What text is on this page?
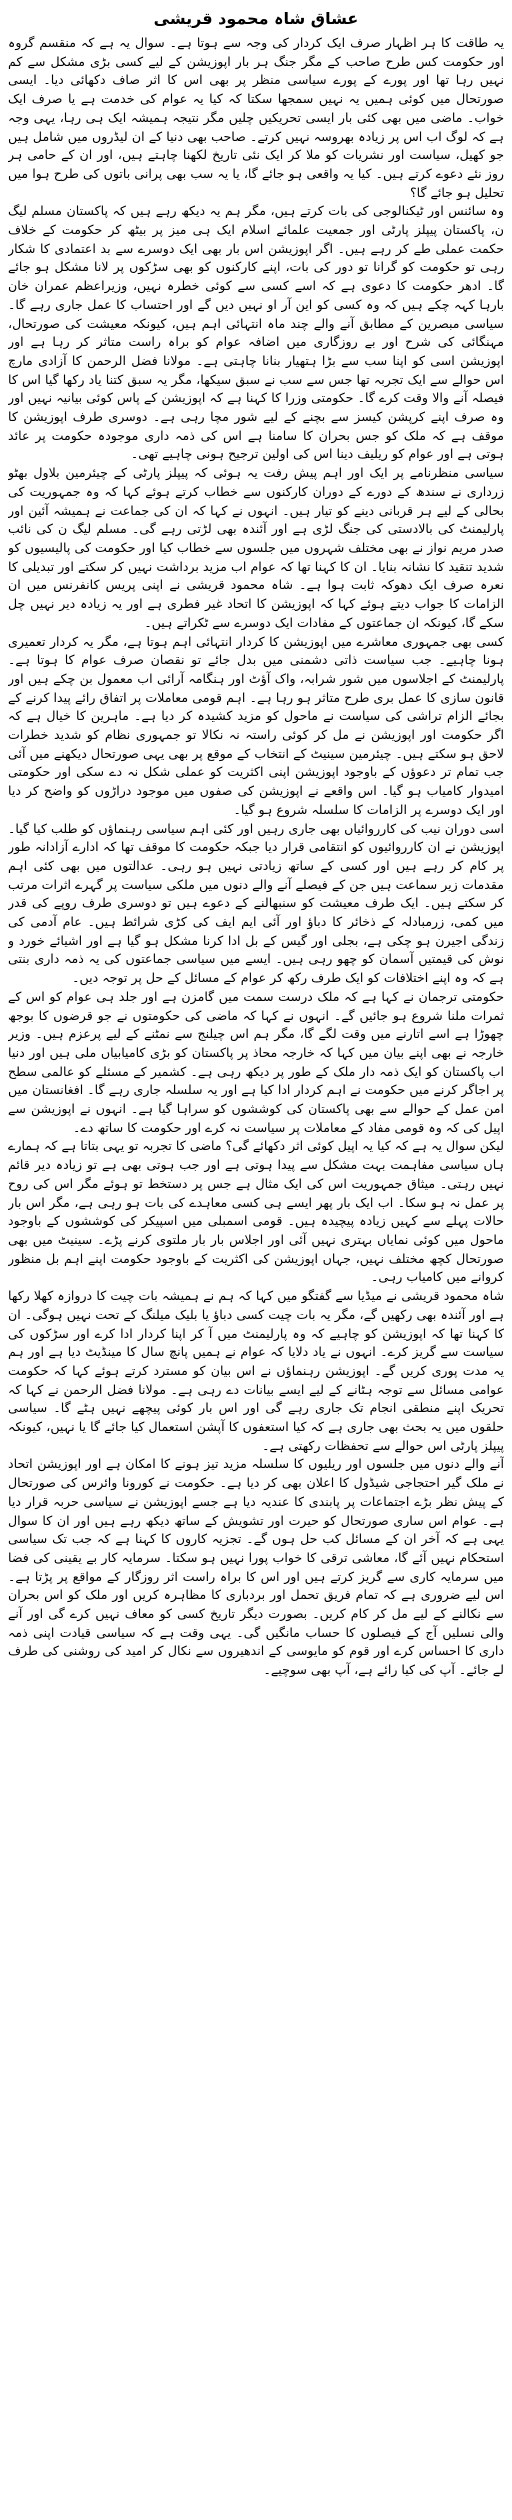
عشاق شاہ محمود قریشی

یہ طاقت کا ہر اظہار صرف ایک کردار کی وجہ سے ہوتا ہے۔ سوال یہ ہے کہ منقسم گروہ اور حکومت کس طرح صاحب کے مگر جنگ ہر بار اپوزیشن کے لیے کسی بڑی مشکل سے کم نہیں رہا تھا اور پورے کے پورے سیاسی منظر پر بھی اس کا اثر صاف دکھائی دیا۔ ایسی صورتحال میں کوئی ہمیں یہ نہیں سمجھا سکتا کہ کیا یہ عوام کی خدمت ہے یا صرف ایک خواب۔ ماضی میں بھی کئی بار ایسی تحریکیں چلیں مگر نتیجہ ہمیشہ ایک ہی رہا، یہی وجہ ہے کہ لوگ اب اس پر زیادہ بھروسہ نہیں کرتے۔ صاحب بھی دنیا کے ان لیڈروں میں شامل ہیں جو کھیل، سیاست اور نشریات کو ملا کر ایک نئی تاریخ لکھنا چاہتے ہیں، اور ان کے حامی ہر روز نئے دعوے کرتے ہیں۔ کیا یہ واقعی ہو جائے گا، یا یہ سب بھی پرانی باتوں کی طرح ہوا میں تحلیل ہو جائے گا؟

وہ سائنس اور ٹیکنالوجی کی بات کرتے ہیں، مگر ہم یہ دیکھ رہے ہیں کہ پاکستان مسلم لیگ ن، پاکستان پیپلز پارٹی اور جمعیت علمائے اسلام ایک ہی میز پر بیٹھ کر حکومت کے خلاف حکمت عملی طے کر رہے ہیں۔ اگر اپوزیشن اس بار بھی ایک دوسرے سے بد اعتمادی کا شکار رہی تو حکومت کو گرانا تو دور کی بات، اپنے کارکنوں کو بھی سڑکوں پر لانا مشکل ہو جائے گا۔ ادھر حکومت کا دعوی ہے کہ اسے کسی سے کوئی خطرہ نہیں، وزیراعظم عمران خان بارہا کہہ چکے ہیں کہ وہ کسی کو این آر او نہیں دیں گے اور احتساب کا عمل جاری رہے گا۔ سیاسی مبصرین کے مطابق آنے والے چند ماہ انتہائی اہم ہیں، کیونکہ معیشت کی صورتحال، مہنگائی کی شرح اور بے روزگاری میں اضافہ عوام کو براہ راست متاثر کر رہا ہے اور اپوزیشن اسی کو اپنا سب سے بڑا ہتھیار بنانا چاہتی ہے۔ مولانا فضل الرحمن کا آزادی مارچ اس حوالے سے ایک تجربہ تھا جس سے سب نے سبق سیکھا، مگر یہ سبق کتنا یاد رکھا گیا اس کا فیصلہ آنے والا وقت کرے گا۔ حکومتی وزرا کا کہنا ہے کہ اپوزیشن کے پاس کوئی بیانیہ نہیں اور وہ صرف اپنے کرپشن کیسز سے بچنے کے لیے شور مچا رہی ہے۔ دوسری طرف اپوزیشن کا موقف ہے کہ ملک کو جس بحران کا سامنا ہے اس کی ذمہ داری موجودہ حکومت پر عائد ہوتی ہے اور عوام کو ریلیف دینا اس کی اولین ترجیح ہونی چاہیے تھی۔

سیاسی منظرنامے پر ایک اور اہم پیش رفت یہ ہوئی کہ پیپلز پارٹی کے چیئرمین بلاول بھٹو زرداری نے سندھ کے دورے کے دوران کارکنوں سے خطاب کرتے ہوئے کہا کہ وہ جمہوریت کی بحالی کے لیے ہر قربانی دینے کو تیار ہیں۔ انہوں نے کہا کہ ان کی جماعت نے ہمیشہ آئین اور پارلیمنٹ کی بالادستی کی جنگ لڑی ہے اور آئندہ بھی لڑتی رہے گی۔ مسلم لیگ ن کی نائب صدر مریم نواز نے بھی مختلف شہروں میں جلسوں سے خطاب کیا اور حکومت کی پالیسیوں کو شدید تنقید کا نشانہ بنایا۔ ان کا کہنا تھا کہ عوام اب مزید برداشت نہیں کر سکتے اور تبدیلی کا نعرہ صرف ایک دھوکہ ثابت ہوا ہے۔ شاہ محمود قریشی نے اپنی پریس کانفرنس میں ان الزامات کا جواب دیتے ہوئے کہا کہ اپوزیشن کا اتحاد غیر فطری ہے اور یہ زیادہ دیر نہیں چل سکے گا، کیونکہ ان جماعتوں کے مفادات ایک دوسرے سے ٹکراتے ہیں۔

کسی بھی جمہوری معاشرے میں اپوزیشن کا کردار انتہائی اہم ہوتا ہے، مگر یہ کردار تعمیری ہونا چاہیے۔ جب سیاست ذاتی دشمنی میں بدل جائے تو نقصان صرف عوام کا ہوتا ہے۔ پارلیمنٹ کے اجلاسوں میں شور شرابہ، واک آؤٹ اور ہنگامہ آرائی اب معمول بن چکے ہیں اور قانون سازی کا عمل بری طرح متاثر ہو رہا ہے۔ اہم قومی معاملات پر اتفاق رائے پیدا کرنے کے بجائے الزام تراشی کی سیاست نے ماحول کو مزید کشیدہ کر دیا ہے۔ ماہرین کا خیال ہے کہ اگر حکومت اور اپوزیشن نے مل کر کوئی راستہ نہ نکالا تو جمہوری نظام کو شدید خطرات لاحق ہو سکتے ہیں۔ چیئرمین سینیٹ کے انتخاب کے موقع پر بھی یہی صورتحال دیکھنے میں آئی جب تمام تر دعوؤں کے باوجود اپوزیشن اپنی اکثریت کو عملی شکل نہ دے سکی اور حکومتی امیدوار کامیاب ہو گیا۔ اس واقعے نے اپوزیشن کی صفوں میں موجود دراڑوں کو واضح کر دیا اور ایک دوسرے پر الزامات کا سلسلہ شروع ہو گیا۔

اسی دوران نیب کی کارروائیاں بھی جاری رہیں اور کئی اہم سیاسی رہنماؤں کو طلب کیا گیا۔ اپوزیشن نے ان کارروائیوں کو انتقامی قرار دیا جبکہ حکومت کا موقف تھا کہ ادارے آزادانہ طور پر کام کر رہے ہیں اور کسی کے ساتھ زیادتی نہیں ہو رہی۔ عدالتوں میں بھی کئی اہم مقدمات زیر سماعت ہیں جن کے فیصلے آنے والے دنوں میں ملکی سیاست پر گہرے اثرات مرتب کر سکتے ہیں۔ ایک طرف معیشت کو سنبھالنے کے دعوے ہیں تو دوسری طرف روپے کی قدر میں کمی، زرمبادلہ کے ذخائر کا دباؤ اور آئی ایم ایف کی کڑی شرائط ہیں۔ عام آدمی کی زندگی اجیرن ہو چکی ہے، بجلی اور گیس کے بل ادا کرنا مشکل ہو گیا ہے اور اشیائے خورد و نوش کی قیمتیں آسمان کو چھو رہی ہیں۔ ایسے میں سیاسی جماعتوں کی یہ ذمہ داری بنتی ہے کہ وہ اپنے اختلافات کو ایک طرف رکھ کر عوام کے مسائل کے حل پر توجہ دیں۔

حکومتی ترجمان نے کہا ہے کہ ملک درست سمت میں گامزن ہے اور جلد ہی عوام کو اس کے ثمرات ملنا شروع ہو جائیں گے۔ انہوں نے کہا کہ ماضی کی حکومتوں نے جو قرضوں کا بوجھ چھوڑا ہے اسے اتارنے میں وقت لگے گا، مگر ہم اس چیلنج سے نمٹنے کے لیے پرعزم ہیں۔ وزیر خارجہ نے بھی اپنے بیان میں کہا کہ خارجہ محاذ پر پاکستان کو بڑی کامیابیاں ملی ہیں اور دنیا اب پاکستان کو ایک ذمہ دار ملک کے طور پر دیکھ رہی ہے۔ کشمیر کے مسئلے کو عالمی سطح پر اجاگر کرنے میں حکومت نے اہم کردار ادا کیا ہے اور یہ سلسلہ جاری رہے گا۔ افغانستان میں امن عمل کے حوالے سے بھی پاکستان کی کوششوں کو سراہا گیا ہے۔ انہوں نے اپوزیشن سے اپیل کی کہ وہ قومی مفاد کے معاملات پر سیاست نہ کرے اور حکومت کا ساتھ دے۔

لیکن سوال یہ ہے کہ کیا یہ اپیل کوئی اثر دکھائے گی؟ ماضی کا تجربہ تو یہی بتاتا ہے کہ ہمارے ہاں سیاسی مفاہمت بہت مشکل سے پیدا ہوتی ہے اور جب ہوتی بھی ہے تو زیادہ دیر قائم نہیں رہتی۔ میثاق جمہوریت اس کی ایک مثال ہے جس پر دستخط تو ہوئے مگر اس کی روح پر عمل نہ ہو سکا۔ اب ایک بار پھر ایسے ہی کسی معاہدے کی بات ہو رہی ہے، مگر اس بار حالات پہلے سے کہیں زیادہ پیچیدہ ہیں۔ قومی اسمبلی میں اسپیکر کی کوششوں کے باوجود ماحول میں کوئی نمایاں بہتری نہیں آئی اور اجلاس بار بار ملتوی کرنے پڑے۔ سینیٹ میں بھی صورتحال کچھ مختلف نہیں، جہاں اپوزیشن کی اکثریت کے باوجود حکومت اپنے اہم بل منظور کروانے میں کامیاب رہی۔

شاہ محمود قریشی نے میڈیا سے گفتگو میں کہا کہ ہم نے ہمیشہ بات چیت کا دروازہ کھلا رکھا ہے اور آئندہ بھی رکھیں گے، مگر یہ بات چیت کسی دباؤ یا بلیک میلنگ کے تحت نہیں ہوگی۔ ان کا کہنا تھا کہ اپوزیشن کو چاہیے کہ وہ پارلیمنٹ میں آ کر اپنا کردار ادا کرے اور سڑکوں کی سیاست سے گریز کرے۔ انہوں نے یاد دلایا کہ عوام نے ہمیں پانچ سال کا مینڈیٹ دیا ہے اور ہم یہ مدت پوری کریں گے۔ اپوزیشن رہنماؤں نے اس بیان کو مسترد کرتے ہوئے کہا کہ حکومت عوامی مسائل سے توجہ ہٹانے کے لیے ایسے بیانات دے رہی ہے۔ مولانا فضل الرحمن نے کہا کہ تحریک اپنے منطقی انجام تک جاری رہے گی اور اس بار کوئی پیچھے نہیں ہٹے گا۔ سیاسی حلقوں میں یہ بحث بھی جاری ہے کہ کیا استعفوں کا آپشن استعمال کیا جائے گا یا نہیں، کیونکہ پیپلز پارٹی اس حوالے سے تحفظات رکھتی ہے۔

آنے والے دنوں میں جلسوں اور ریلیوں کا سلسلہ مزید تیز ہونے کا امکان ہے اور اپوزیشن اتحاد نے ملک گیر احتجاجی شیڈول کا اعلان بھی کر دیا ہے۔ حکومت نے کورونا وائرس کی صورتحال کے پیش نظر بڑے اجتماعات پر پابندی کا عندیہ دیا ہے جسے اپوزیشن نے سیاسی حربہ قرار دیا ہے۔ عوام اس ساری صورتحال کو حیرت اور تشویش کے ساتھ دیکھ رہے ہیں اور ان کا سوال یہی ہے کہ آخر ان کے مسائل کب حل ہوں گے۔ تجزیہ کاروں کا کہنا ہے کہ جب تک سیاسی استحکام نہیں آئے گا، معاشی ترقی کا خواب پورا نہیں ہو سکتا۔ سرمایہ کار بے یقینی کی فضا میں سرمایہ کاری سے گریز کرتے ہیں اور اس کا براہ راست اثر روزگار کے مواقع پر پڑتا ہے۔ اس لیے ضروری ہے کہ تمام فریق تحمل اور بردباری کا مظاہرہ کریں اور ملک کو اس بحران سے نکالنے کے لیے مل کر کام کریں۔ بصورت دیگر تاریخ کسی کو معاف نہیں کرے گی اور آنے والی نسلیں آج کے فیصلوں کا حساب مانگیں گی۔ یہی وقت ہے کہ سیاسی قیادت اپنی ذمہ داری کا احساس کرے اور قوم کو مایوسی کے اندھیروں سے نکال کر امید کی روشنی کی طرف لے جائے۔ آپ کی کیا رائے ہے، آپ بھی سوچیے۔
